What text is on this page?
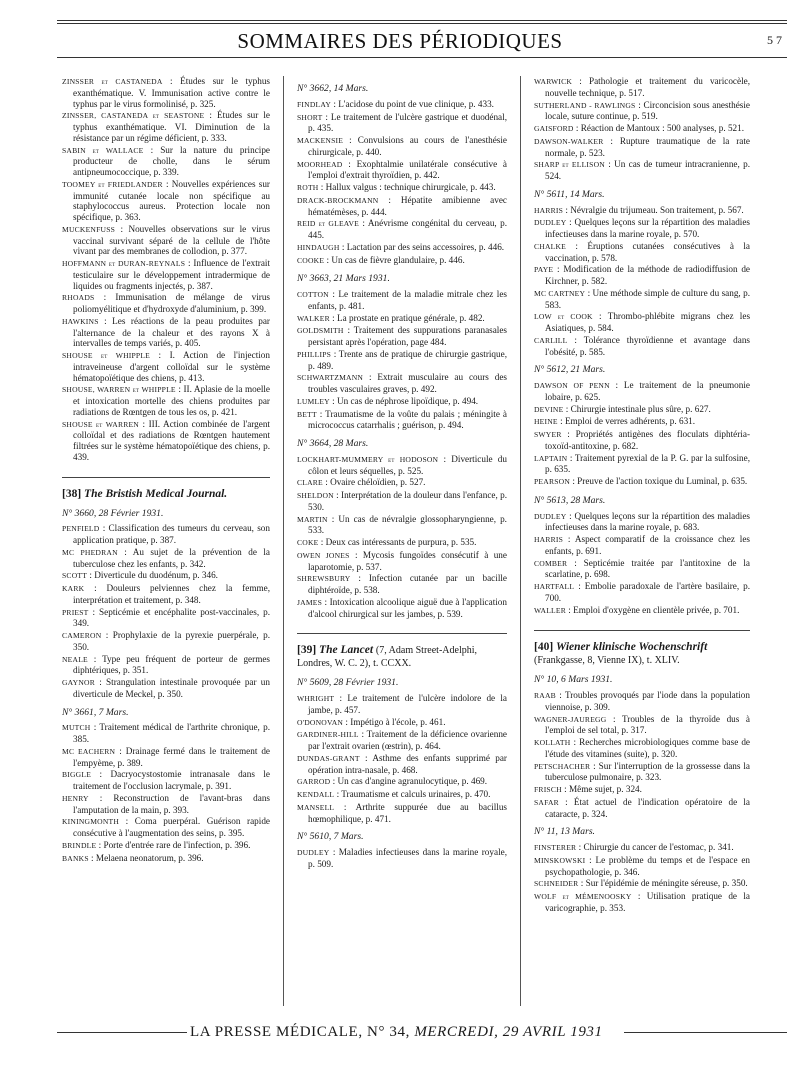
SOMMAIRES DES PÉRIODIQUES	5 7
ZINSSER et CASTANEDA : Études sur le typhus exanthématique. V. Immunisation active contre le typhus par le virus formolinisé, p. 325.
ZINSSER, CASTANEDA et SEASTONE : Études sur le typhus exanthématique. VI. Diminution de la résistance par un régime déficient, p. 333.
SABIN et WALLACE : Sur la nature du principe producteur de cholle, dans le sérum antipneumococcique, p. 339.
TOOMEY et FRIEDLANDER : Nouvelles expériences sur immunité cutanée locale non spécifique au staphylococcus aureus. Protection locale non spécifique, p. 363.
MUCKENFUSS : Nouvelles observations sur le virus vaccinal survivant séparé de la cellule de l'hôte vivant par des membranes de collodion, p. 377.
HOFFMANN et DURAN-REYNALS : Influence de l'extrait testiculaire sur le développement intradermique de liquides ou fragments injectés, p. 387.
RHOADS : Immunisation de mélange de virus poliomyélitique et d'hydroxyde d'aluminium, p. 399.
HAWKINS : Les réactions de la peau produites par l'alternance de la chaleur et des rayons X à intervalles de temps variés, p. 405.
SHOUSE et WHIPPLE : I. Action de l'injection intraveineuse d'argent colloïdal sur le système hématopoïétique des chiens, p. 413.
SHOUSE, WARREN et WHIPPLE : II. Aplasie de la moelle et intoxication mortelle des chiens produites par radiations de Rœntgen de tous les os, p. 421.
SHOUSE et WARREN : III. Action combinée de l'argent colloïdal et des radiations de Rœntgen hautement filtrées sur le système hématopoïétique des chiens, p. 439.
[38] The Bristish Medical Journal.
N° 3660, 28 Février 1931.
PENFIELD : Classification des tumeurs du cerveau, son application pratique, p. 387.
MC PHEDRAN : Au sujet de la prévention de la tuberculose chez les enfants, p. 342.
SCOTT : Diverticule du duodénum, p. 346.
KARK : Douleurs pelviennes chez la femme, interprétation et traitement, p. 348.
PRIEST : Septicémie et encéphalite post-vaccinales, p. 349.
CAMERON : Prophylaxie de la pyrexie puerpérale, p. 350.
NEALE : Type peu fréquent de porteur de germes diphtériques, p. 351.
GAYNOR : Strangulation intestinale provoquée par un diverticule de Meckel, p. 350.
N° 3661, 7 Mars.
MUTCH : Traitement médical de l'arthrite chronique, p. 385.
MC EACHERN : Drainage fermé dans le traitement de l'empyème, p. 389.
BIGGLE : Dacryocystostomie intranasale dans le traitement de l'occlusion lacrymale, p. 391.
HENRY : Reconstruction de l'avant-bras dans l'amputation de la main, p. 393.
KININGMONTH : Coma puerpéral. Guérison rapide consécutive à l'augmentation des seins, p. 395.
BRINDLE : Porte d'entrée rare de l'infection, p. 396.
BANKS : Melaena neonatorum, p. 396.
N° 3662, 14 Mars.
FINDLAY : L'acidose du point de vue clinique, p. 433.
SHORT : Le traitement de l'ulcère gastrique et duodénal, p. 435.
MACKENSIE : Convulsions au cours de l'anesthésie chirurgicale, p. 440.
MOORHEAD : Exophtalmie unilatérale consécutive à l'emploi d'extrait thyroïdien, p. 442.
ROTH : Hallux valgus : technique chirurgicale, p. 443.
DRACK-BROCKMANN : Hépatite amibienne avec hématémèses, p. 444.
REID et GLEAVE : Anévrisme congénital du cerveau, p. 445.
HINDAUGH : Lactation par des seins accessoires, p. 446.
COOKE : Un cas de fièvre glandulaire, p. 446.
N° 3663, 21 Mars 1931.
COTTON : Le traitement de la maladie mitrale chez les enfants, p. 481.
WALKER : La prostate en pratique générale, p. 482.
GOLDSMITH : Traitement des suppurations paranasales persistant après l'opération, page 484.
PHILLIPS : Trente ans de pratique de chirurgie gastrique, p. 489.
SCHWARTZMANN : Extrait musculaire au cours des troubles vasculaires graves, p. 492.
LUMLEY : Un cas de néphrose lipoïdique, p. 494.
BETT : Traumatisme de la voûte du palais ; méningite à micrococcus catarrhalis ; guérison, p. 494.
N° 3664, 28 Mars.
LOCKHART-MUMMERY et HODOSON : Diverticule du côlon et leurs séquelles, p. 525.
CLARE : Ovaire chéloïdien, p. 527.
SHELDON : Interprétation de la douleur dans l'enfance, p. 530.
MARTIN : Un cas de névralgie glossopharyngienne, p. 533.
COKE : Deux cas intéressants de purpura, p. 535.
OWEN JONES : Mycosis fungoïdes consécutif à une laparotomie, p. 537.
SHREWSBURY : Infection cutanée par un bacille diphtéroïde, p. 538.
JAMES : Intoxication alcoolique aiguë due à l'application d'alcool chirurgical sur les jambes, p. 539.
[39] The Lancet (7, Adam Street-Adelphi, Londres, W. C. 2), t. CCXX.
N° 5609, 28 Février 1931.
WHRIGHT : Le traitement de l'ulcère indolore de la jambe, p. 457.
O'DONOVAN : Impétigo à l'école, p. 461.
GARDINER-HILL : Traitement de la déficience ovarienne par l'extrait ovarien (œstrin), p. 464.
DUNDAS-GRANT : Asthme des enfants supprimé par opération intra-nasale, p. 468.
GARROD : Un cas d'angine agranulocytique, p. 469.
KENDALL : Traumatisme et calculs urinaires, p. 470.
MANSELL : Arthrite suppurée due au bacillus hœmophilique, p. 471.
N° 5610, 7 Mars.
DUDLEY : Maladies infectieuses dans la marine royale, p. 509.
WARWICK : Pathologie et traitement du varicocèle, nouvelle technique, p. 517.
SUTHERLAND - RAWLINGS : Circoncision sous anesthésie locale, suture continue, p. 519.
GAISFORD : Réaction de Mantoux : 500 analyses, p. 521.
DAWSON-WALKER : Rupture traumatique de la rate normale, p. 523.
SHARP et ELLISON : Un cas de tumeur intracranienne, p. 524.
N° 5611, 14 Mars.
HARRIS : Névralgie du trijumeau. Son traitement, p. 567.
DUDLEY : Quelques leçons sur la répartition des maladies infectieuses dans la marine royale, p. 570.
CHALKE : Éruptions cutanées consécutives à la vaccination, p. 578.
PAYE : Modification de la méthode de radiodiffusion de Kirchner, p. 582.
MC CARTNEY : Une méthode simple de culture du sang, p. 583.
LOW et COOK : Thrombo-phlébite migrans chez les Asiatiques, p. 584.
CARLILL : Tolérance thyroïdienne et avantage dans l'obésité, p. 585.
N° 5612, 21 Mars.
DAWSON OF PENN : Le traitement de la pneumonie lobaire, p. 625.
DEVINE : Chirurgie intestinale plus sûre, p. 627.
HEINE : Emploi de verres adhérents, p. 631.
SWYER : Propriétés antigènes des floculats diphtéria-toxoïd-antitoxine, p. 682.
LAPTAIN : Traitement pyrexial de la P. G. par la sulfosine, p. 635.
PEARSON : Preuve de l'action toxique du Luminal, p. 635.
N° 5613, 28 Mars.
DUDLEY : Quelques leçons sur la répartition des maladies infectieuses dans la marine royale, p. 683.
HARRIS : Aspect comparatif de la croissance chez les enfants, p. 691.
COMBER : Septicémie traitée par l'antitoxine de la scarlatine, p. 698.
HARTFALL : Embolie paradoxale de l'artère basilaire, p. 700.
WALLER : Emploi d'oxygène en clientèle privée, p. 701.
[40] Wiener klinische Wochenschrift (Frankgasse, 8, Vienne IX), t. XLIV.
N° 10, 6 Mars 1931.
RAAB : Troubles provoqués par l'iode dans la population viennoise, p. 309.
WAGNER-JAUREGG : Troubles de la thyroïde dus à l'emploi de sel total, p. 317.
KOLLATH : Recherches microbiologiques comme base de l'étude des vitamines (suite), p. 320.
PETSCHACHER : Sur l'interruption de la grossesse dans la tuberculose pulmonaire, p. 323.
FRISCH : Même sujet, p. 324.
SAFAR : État actuel de l'indication opératoire de la cataracte, p. 324.
N° 11, 13 Mars.
FINSTERER : Chirurgie du cancer de l'estomac, p. 341.
MINSKOWSKI : Le problème du temps et de l'espace en psychopathologie, p. 346.
SCHNEIDER : Sur l'épidémie de méningite séreuse, p. 350.
WOLF et MÉMENOOSKY : Utilisation pratique de la varicographie, p. 353.
LA PRESSE MÉDICALE, N° 34, MERCREDI, 29 AVRIL 1931
